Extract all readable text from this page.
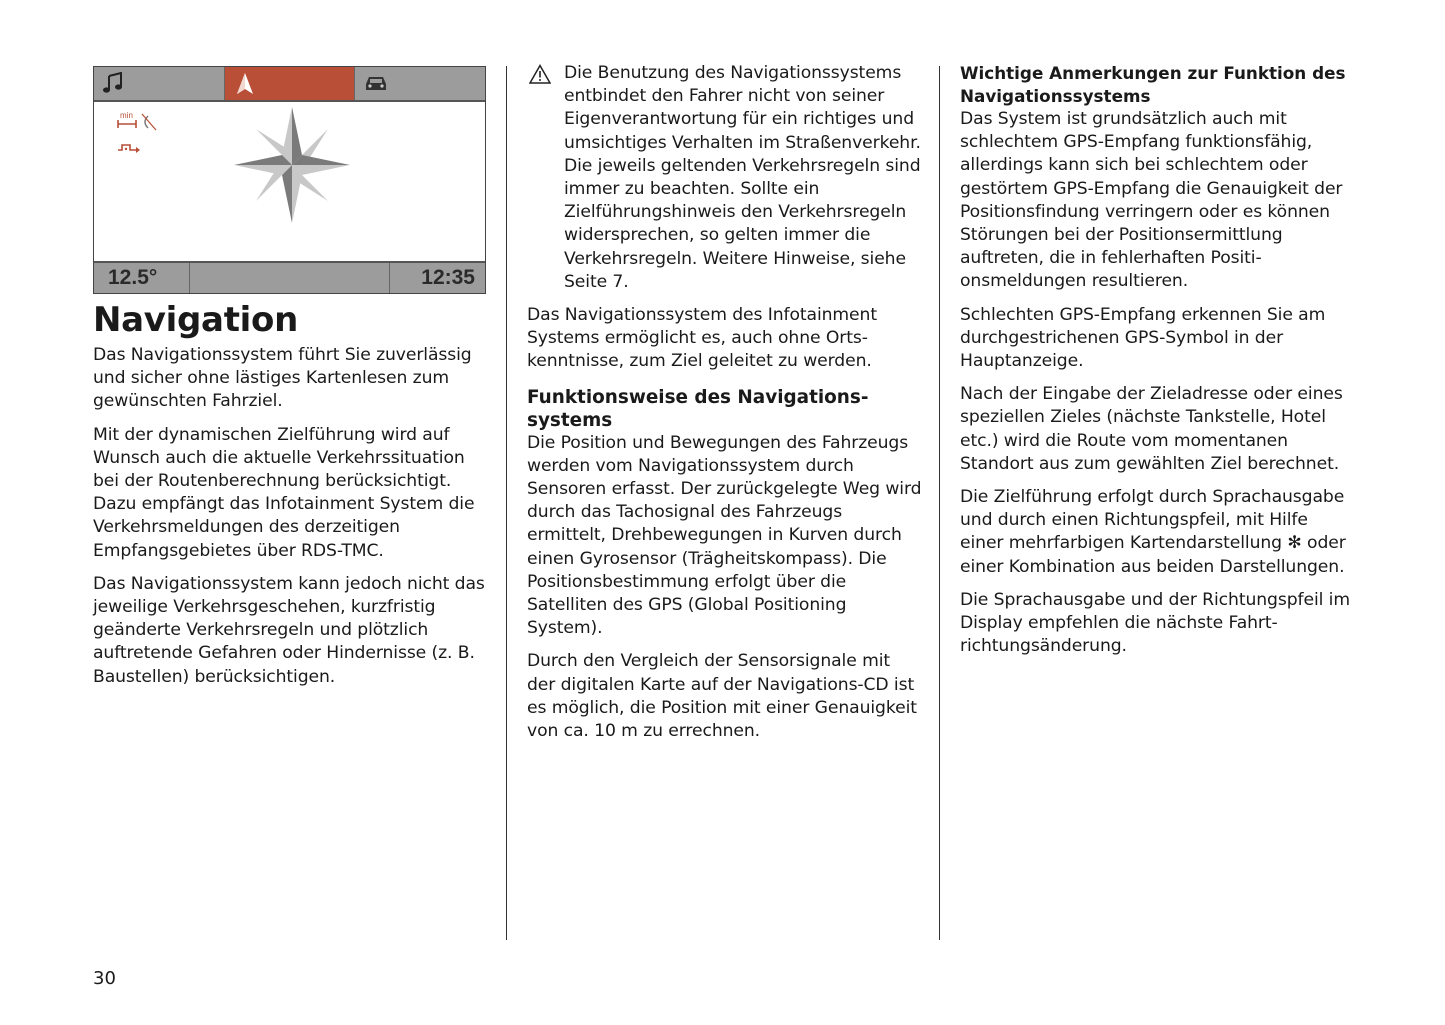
min

12.5°	12:35
Navigation

Das Navigationssystem führt Sie zuverlässig und sicher ohne lästiges Kartenlesen zum gewünschten Fahrziel.

Mit der dynamischen Zielführung wird auf Wunsch auch die aktuelle Verkehrssituation bei der Routenberechnung berücksichtigt. Dazu empfängt das Infotainment System die Verkehrsmeldungen des derzeitigen Empfangsgebietes über RDS-TMC.

Das Navigationssystem kann jedoch nicht das jeweilige Verkehrsgeschehen, kurzfristig geänderte Verkehrsregeln und plötzlich auftretende Gefahren oder Hindernisse (z. B. Baustellen) berücksichtigen.

Die Benutzung des Navigationssystems entbindet den Fahrer nicht von seiner Eigenverantwortung für ein richtiges und umsichtiges Verhalten im Straßenverkehr. Die jeweils geltenden Verkehrsregeln sind immer zu beachten. Sollte ein Zielführungshinweis den Verkehrsregeln widersprechen, so gelten immer die Verkehrsregeln. Weitere Hinweise, siehe Seite 7.

Das Navigationssystem des Infotainment Systems ermöglicht es, auch ohne Ortskenntnisse, zum Ziel geleitet zu werden.

Funktionsweise des Navigationssystems

Die Position und Bewegungen des Fahrzeugs werden vom Navigationssystem durch Sensoren erfasst. Der zurückgelegte Weg wird durch das Tachosignal des Fahrzeugs ermittelt, Drehbewegungen in Kurven durch einen Gyrosensor (Trägheitskompass). Die Positionsbestimmung erfolgt über die Satelliten des GPS (Global Positioning System).

Durch den Vergleich der Sensorsignale mit der digitalen Karte auf der Navigations-CD ist es möglich, die Position mit einer Genauigkeit von ca. 10 m zu errechnen.

Wichtige Anmerkungen zur Funktion des Navigationssystems

Das System ist grundsätzlich auch mit schlechtem GPS-Empfang funktionsfähig, allerdings kann sich bei schlechtem oder gestörtem GPS-Empfang die Genauigkeit der Positionsfindung verringern oder es können Störungen bei der Positionsermittlung auftreten, die in fehlerhaften Positionsmeldungen resultieren.

Schlechten GPS-Empfang erkennen Sie am durchgestrichenen GPS-Symbol in der Hauptanzeige.

Nach der Eingabe der Zieladresse oder eines speziellen Zieles (nächste Tankstelle, Hotel etc.) wird die Route vom momentanen Standort aus zum gewählten Ziel berechnet.

Die Zielführung erfolgt durch Sprachausgabe und durch einen Richtungspfeil, mit Hilfe einer mehrfarbigen Kartendarstellung ✻ oder einer Kombination aus beiden Darstellungen.

Die Sprachausgabe und der Richtungspfeil im Display empfehlen die nächste Fahrtrichtungsänderung.

30
